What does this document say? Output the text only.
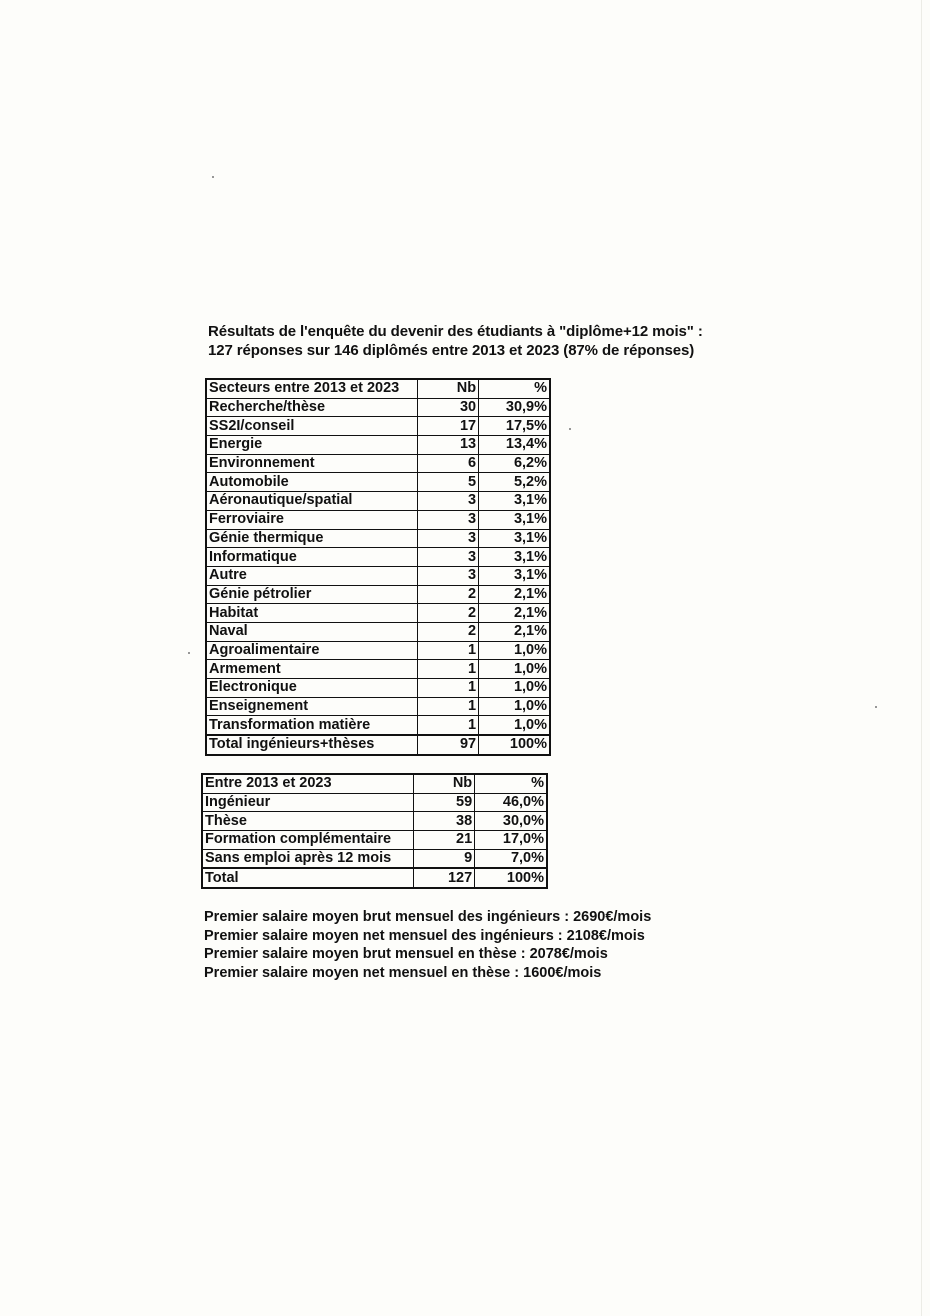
Résultats de l'enquête du devenir des étudiants à "diplôme+12 mois" :
127 réponses sur 146 diplômés entre 2013 et 2023 (87% de réponses)
Secteurs entre 2013 et 2023	Nb	%
Recherche/thèse	30	30,9%
SS2I/conseil	17	17,5%
Energie	13	13,4%
Environnement	6	6,2%
Automobile	5	5,2%
Aéronautique/spatial	3	3,1%
Ferroviaire	3	3,1%
Génie thermique	3	3,1%
Informatique	3	3,1%
Autre	3	3,1%
Génie pétrolier	2	2,1%
Habitat	2	2,1%
Naval	2	2,1%
Agroalimentaire	1	1,0%
Armement	1	1,0%
Electronique	1	1,0%
Enseignement	1	1,0%
Transformation matière	1	1,0%
Total ingénieurs+thèses	97	100%
Entre 2013 et 2023	Nb	%
Ingénieur	59	46,0%
Thèse	38	30,0%
Formation complémentaire	21	17,0%
Sans emploi après 12 mois	9	7,0%
Total	127	100%
Premier salaire moyen brut mensuel des ingénieurs : 2690€/mois
Premier salaire moyen net mensuel des ingénieurs : 2108€/mois
Premier salaire moyen brut mensuel en thèse : 2078€/mois
Premier salaire moyen net mensuel en thèse : 1600€/mois
